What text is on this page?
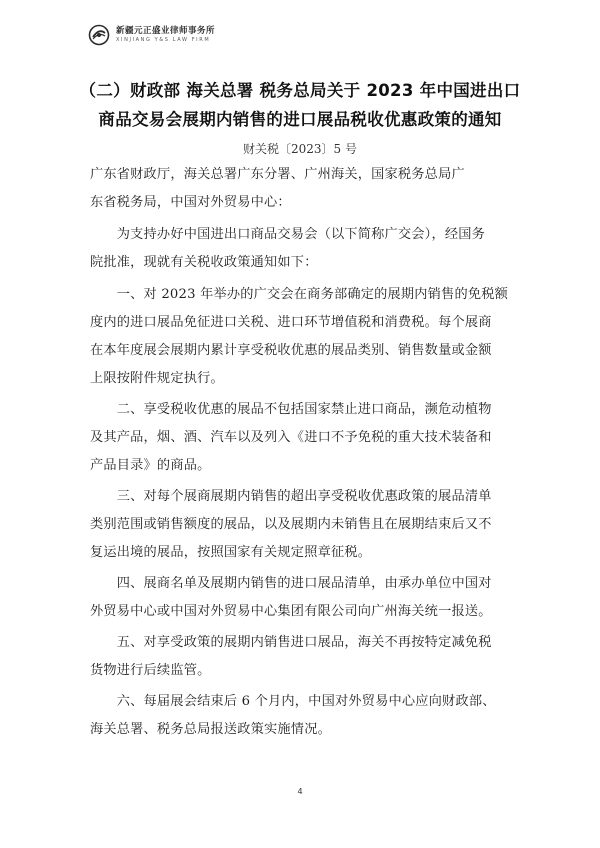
新疆元正盛业律师事务所
XINJIANG Y&S LAW FIRM
（二）财政部 海关总署 税务总局关于 2023 年中国进出口
商品交易会展期内销售的进口展品税收优惠政策的通知
财关税〔2023〕5 号
广东省财政厅，海关总署广东分署、广州海关，国家税务总局广
东省税务局，中国对外贸易中心：
　　为支持办好中国进出口商品交易会（以下简称广交会），经国务
院批准，现就有关税收政策通知如下：
　　一、对 2023 年举办的广交会在商务部确定的展期内销售的免税额
度内的进口展品免征进口关税、进口环节增值税和消费税。每个展商
在本年度展会展期内累计享受税收优惠的展品类别、销售数量或金额
上限按附件规定执行。
　　二、享受税收优惠的展品不包括国家禁止进口商品，濒危动植物
及其产品，烟、酒、汽车以及列入《进口不予免税的重大技术装备和
产品目录》的商品。
　　三、对每个展商展期内销售的超出享受税收优惠政策的展品清单
类别范围或销售额度的展品，以及展期内未销售且在展期结束后又不
复运出境的展品，按照国家有关规定照章征税。
　　四、展商名单及展期内销售的进口展品清单，由承办单位中国对
外贸易中心或中国对外贸易中心集团有限公司向广州海关统一报送。
　　五、对享受政策的展期内销售进口展品，海关不再按特定减免税
货物进行后续监管。
　　六、每届展会结束后 6 个月内，中国对外贸易中心应向财政部、
海关总署、税务总局报送政策实施情况。
4
